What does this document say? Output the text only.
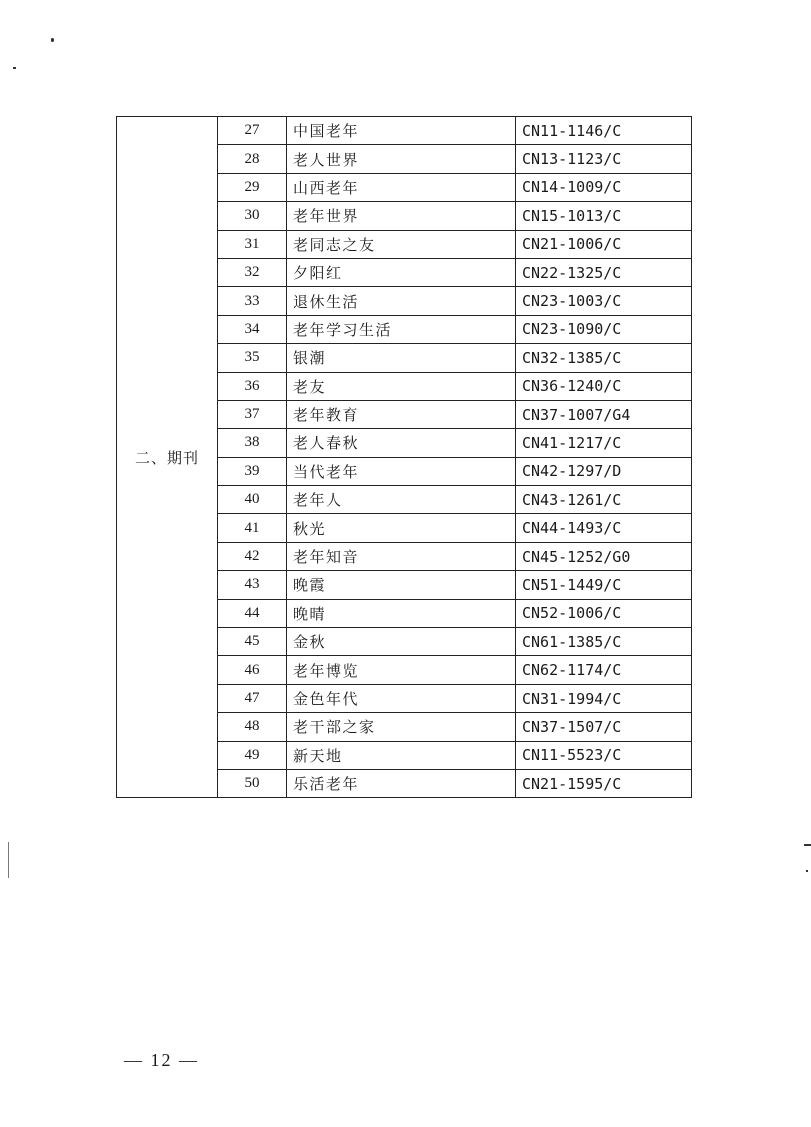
二、期刊	27	中国老年	CN11-1146/C
	28	老人世界	CN13-1123/C
	29	山西老年	CN14-1009/C
	30	老年世界	CN15-1013/C
	31	老同志之友	CN21-1006/C
	32	夕阳红	CN22-1325/C
	33	退休生活	CN23-1003/C
	34	老年学习生活	CN23-1090/C
	35	银潮	CN32-1385/C
	36	老友	CN36-1240/C
	37	老年教育	CN37-1007/G4
	38	老人春秋	CN41-1217/C
	39	当代老年	CN42-1297/D
	40	老年人	CN43-1261/C
	41	秋光	CN44-1493/C
	42	老年知音	CN45-1252/G0
	43	晚霞	CN51-1449/C
	44	晚晴	CN52-1006/C
	45	金秋	CN61-1385/C
	46	老年博览	CN62-1174/C
	47	金色年代	CN31-1994/C
	48	老干部之家	CN37-1507/C
	49	新天地	CN11-5523/C
	50	乐活老年	CN21-1595/C
— 12 —
